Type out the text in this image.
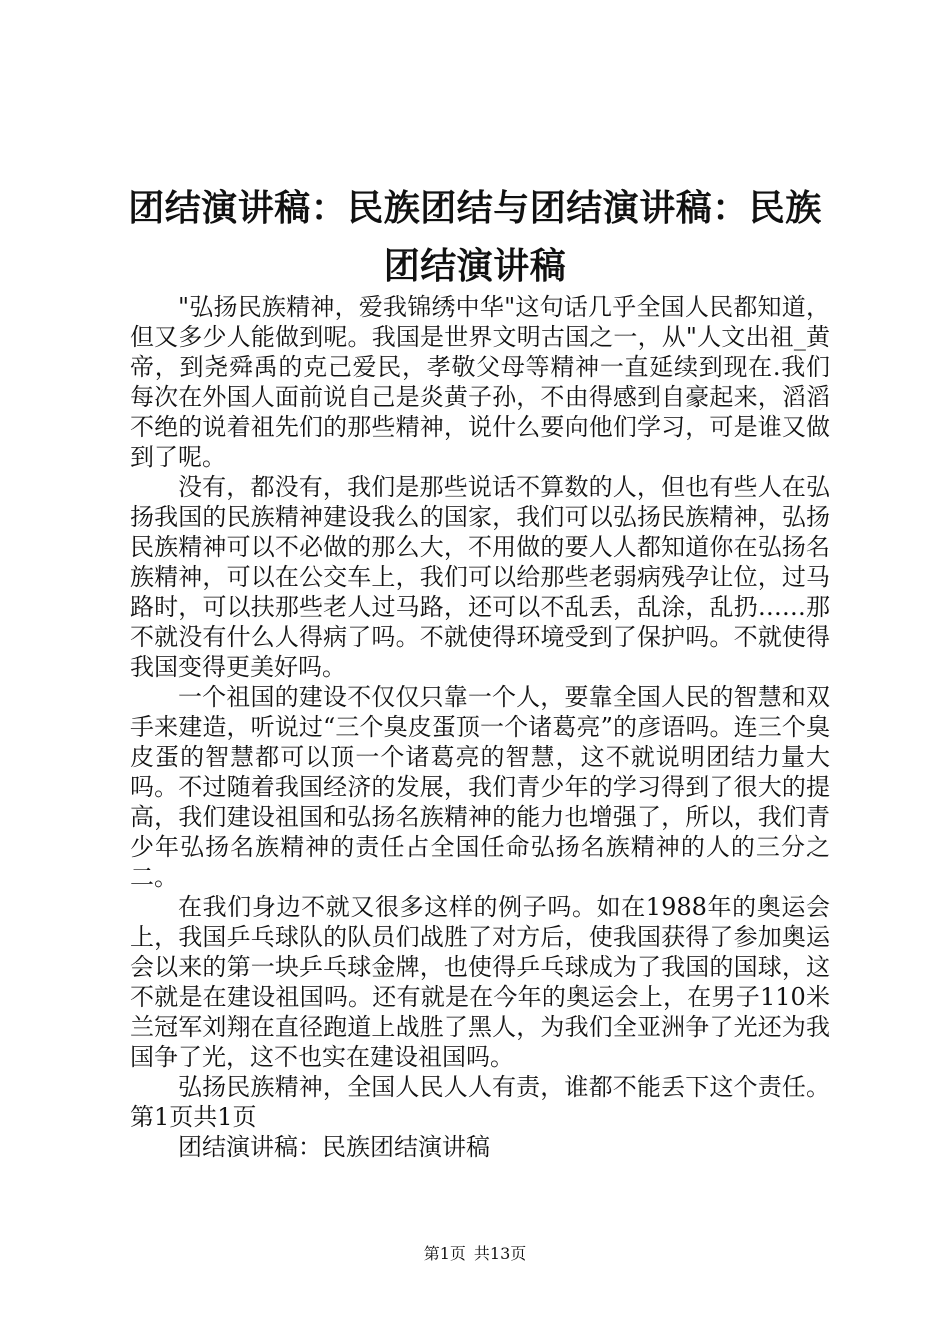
团结演讲稿：民族团结与团结演讲稿：民族团结演讲稿

"弘扬民族精神，爱我锦绣中华"这句话几乎全国人民都知道，但又多少人能做到呢。我国是世界文明古国之一，从"人文出祖_黄帝，到尧舜禹的克己爱民，孝敬父母等精神一直延续到现在.我们每次在外国人面前说自己是炎黄子孙，不由得感到自豪起来，滔滔不绝的说着祖先们的那些精神，说什么要向他们学习，可是谁又做到了呢。

没有，都没有，我们是那些说话不算数的人，但也有些人在弘扬我国的民族精神建设我么的国家，我们可以弘扬民族精神，弘扬民族精神可以不必做的那么大，不用做的要人人都知道你在弘扬名族精神，可以在公交车上，我们可以给那些老弱病残孕让位，过马路时，可以扶那些老人过马路，还可以不乱丢，乱涂，乱扔……那不就没有什么人得病了吗。不就使得环境受到了保护吗。不就使得我国变得更美好吗。

一个祖国的建设不仅仅只靠一个人，要靠全国人民的智慧和双手来建造，听说过“三个臭皮蛋顶一个诸葛亮”的彦语吗。连三个臭皮蛋的智慧都可以顶一个诸葛亮的智慧，这不就说明团结力量大吗。不过随着我国经济的发展，我们青少年的学习得到了很大的提高，我们建设祖国和弘扬名族精神的能力也增强了，所以，我们青少年弘扬名族精神的责任占全国任命弘扬名族精神的人的三分之二。

在我们身边不就又很多这样的例子吗。如在1988年的奥运会上，我国乒乓球队的队员们战胜了对方后，使我国获得了参加奥运会以来的第一块乒乓球金牌，也使得乒乓球成为了我国的国球，这不就是在建设祖国吗。还有就是在今年的奥运会上，在男子110米兰冠军刘翔在直径跑道上战胜了黑人，为我们全亚洲争了光还为我国争了光，这不也实在建设祖国吗。

弘扬民族精神，全国人民人人有责，谁都不能丢下这个责任。第1页共1页

团结演讲稿：民族团结演讲稿

第1页 共13页
